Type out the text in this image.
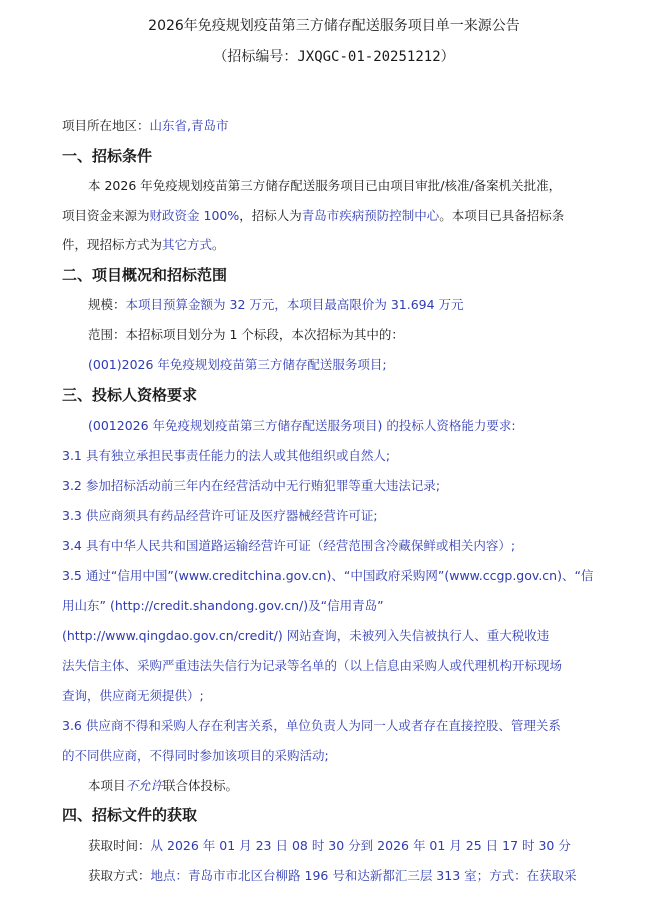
2026年免疫规划疫苗第三方储存配送服务项目单一来源公告
（招标编号：JXQGC-01-20251212）
项目所在地区：山东省,青岛市
一、招标条件
本 2026 年免疫规划疫苗第三方储存配送服务项目已由项目审批/核准/备案机关批准，
项目资金来源为财政资金 100%，招标人为青岛市疾病预防控制中心。本项目已具备招标条
件，现招标方式为其它方式。
二、项目概况和招标范围
规模：本项目预算金额为 32 万元，本项目最高限价为 31.694 万元
范围：本招标项目划分为 1 个标段，本次招标为其中的：
(001)2026 年免疫规划疫苗第三方储存配送服务项目;
三、投标人资格要求
(0012026 年免疫规划疫苗第三方储存配送服务项目) 的投标人资格能力要求:
3.1 具有独立承担民事责任能力的法人或其他组织或自然人;
3.2 参加招标活动前三年内在经营活动中无行贿犯罪等重大违法记录;
3.3 供应商须具有药品经营许可证及医疗器械经营许可证;
3.4 具有中华人民共和国道路运输经营许可证（经营范围含冷藏保鲜或相关内容）;
3.5 通过“信用中国”(www.creditchina.gov.cn)、“中国政府采购网”(www.ccgp.gov.cn)、“信
用山东” (http://credit.shandong.gov.cn/)及“信用青岛”
(http://www.qingdao.gov.cn/credit/) 网站查询，未被列入失信被执行人、重大税收违
法失信主体、采购严重违法失信行为记录等名单的（以上信息由采购人或代理机构开标现场
查询，供应商无须提供）;
3.6 供应商不得和采购人存在利害关系，单位负责人为同一人或者存在直接控股、管理关系
的不同供应商，不得同时参加该项目的采购活动;
本项目不允许联合体投标。
四、招标文件的获取
获取时间：从 2026 年 01 月 23 日 08 时 30 分到 2026 年 01 月 25 日 17 时 30 分
获取方式：地点：青岛市市北区台柳路 196 号和达新都汇三层 313 室；方式：在获取采
